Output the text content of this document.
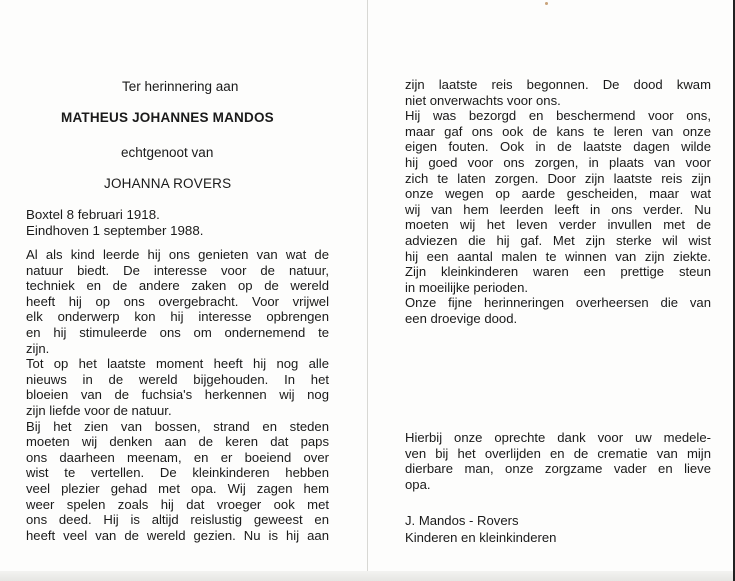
Ter herinnering aan
MATHEUS JOHANNES MANDOS
echtgenoot van
JOHANNA ROVERS
Boxtel 8 februari 1918.
Eindhoven 1 september 1988.
Al als kind leerde hij ons genieten van wat de
natuur biedt. De interesse voor de natuur,
techniek en de andere zaken op de wereld
heeft hij op ons overgebracht. Voor vrijwel
elk onderwerp kon hij interesse opbrengen
en hij stimuleerde ons om ondernemend te
zijn.
Tot op het laatste moment heeft hij nog alle
nieuws in de wereld bijgehouden. In het
bloeien van de fuchsia's herkennen wij nog
zijn liefde voor de natuur.
Bij het zien van bossen, strand en steden
moeten wij denken aan de keren dat paps
ons daarheen meenam, en er boeiend over
wist te vertellen. De kleinkinderen hebben
veel plezier gehad met opa. Wij zagen hem
weer spelen zoals hij dat vroeger ook met
ons deed. Hij is altijd reislustig geweest en
heeft veel van de wereld gezien. Nu is hij aan
zijn laatste reis begonnen. De dood kwam
niet onverwachts voor ons.
Hij was bezorgd en beschermend voor ons,
maar gaf ons ook de kans te leren van onze
eigen fouten. Ook in de laatste dagen wilde
hij goed voor ons zorgen, in plaats van voor
zich te laten zorgen. Door zijn laatste reis zijn
onze wegen op aarde gescheiden, maar wat
wij van hem leerden leeft in ons verder. Nu
moeten wij het leven verder invullen met de
adviezen die hij gaf. Met zijn sterke wil wist
hij een aantal malen te winnen van zijn ziekte.
Zijn kleinkinderen waren een prettige steun
in moeilijke perioden.
Onze fijne herinneringen overheersen die van
een droevige dood.
Hierbij onze oprechte dank voor uw medele-
ven bij het overlijden en de crematie van mijn
dierbare man, onze zorgzame vader en lieve
opa.
J. Mandos - Rovers
Kinderen en kleinkinderen
